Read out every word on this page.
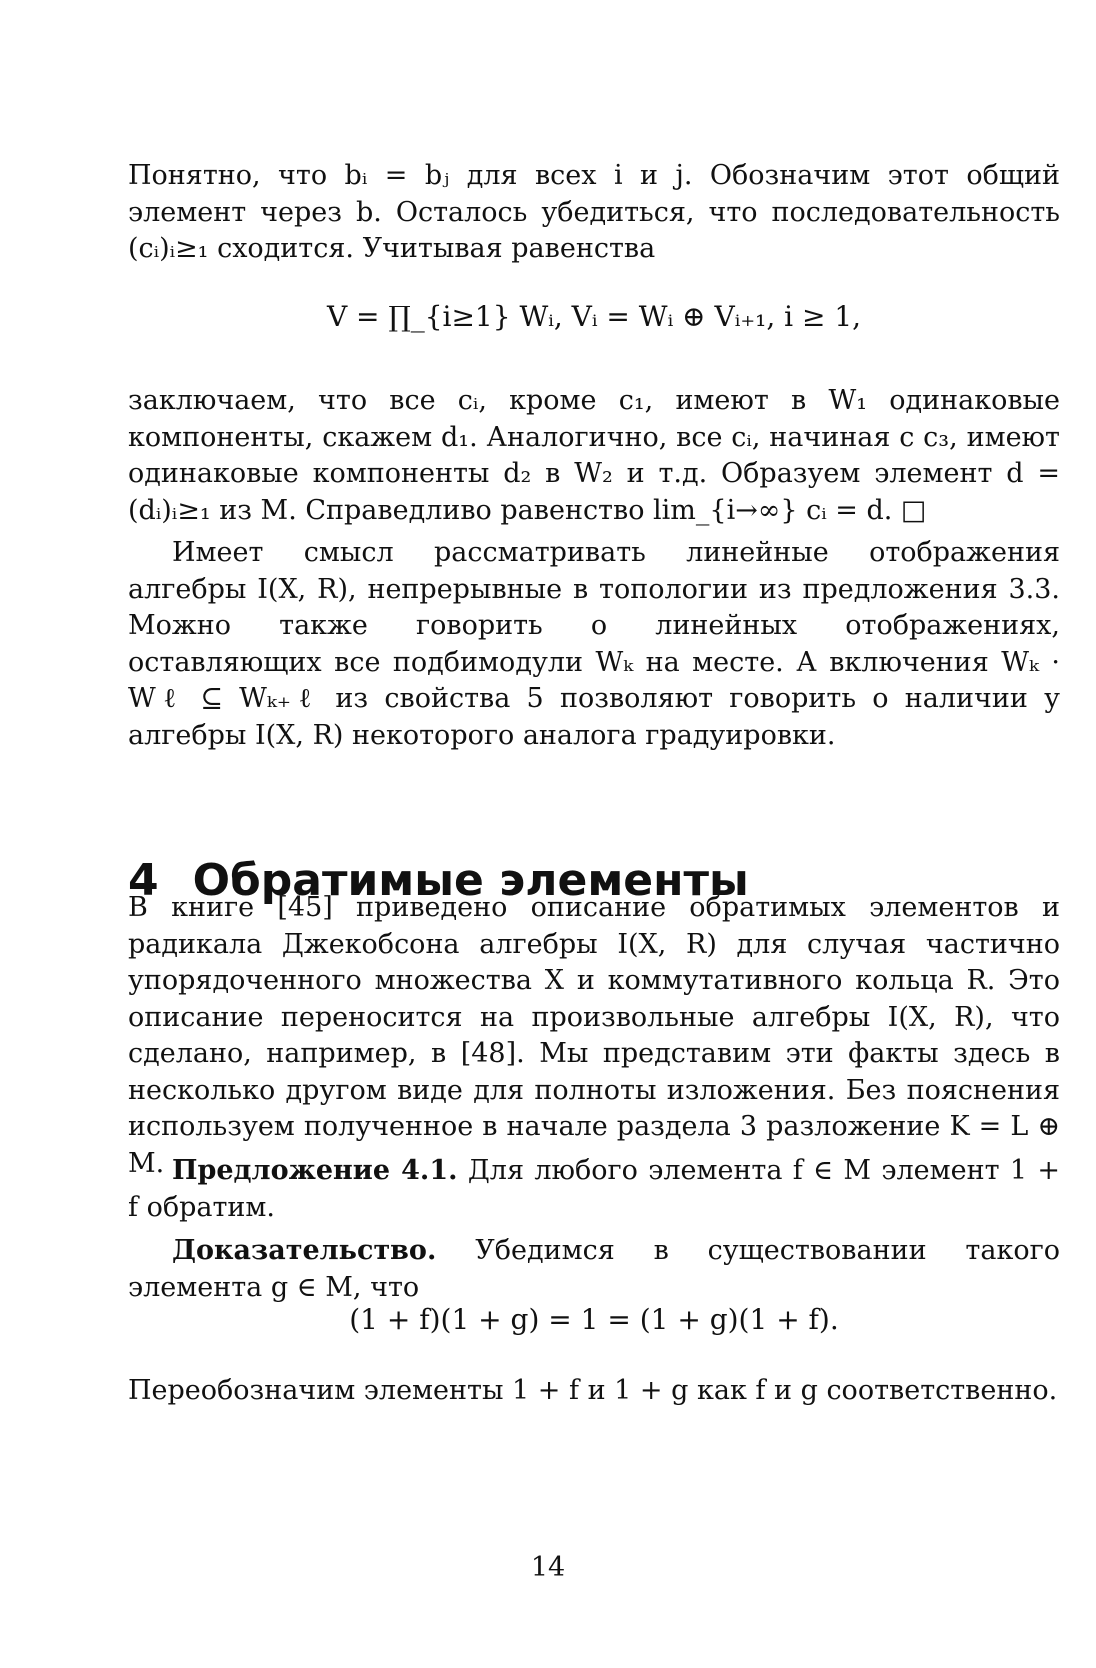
Понятно, что bᵢ = bⱼ для всех i и j. Обозначим этот общий элемент через b. Осталось убедиться, что последовательность (cᵢ)ᵢ≥₁ сходится. Учитывая равенства

V = ∏_{i≥1} Wᵢ, Vᵢ = Wᵢ ⊕ Vᵢ₊₁, i ≥ 1,

заключаем, что все cᵢ, кроме c₁, имеют в W₁ одинаковые компоненты, скажем d₁. Аналогично, все cᵢ, начиная с c₃, имеют одинаковые компоненты d₂ в W₂ и т.д. Образуем элемент d = (dᵢ)ᵢ≥₁ из M. Справедливо равенство lim_{i→∞} cᵢ = d. □

Имеет смысл рассматривать линейные отображения алгебры I(X, R), непрерывные в топологии из предложения 3.3. Можно также говорить о линейных отображениях, оставляющих все подбимодули Wₖ на месте. А включения Wₖ · Wℓ ⊆ Wₖ₊ℓ из свойства 5 позволяют говорить о наличии у алгебры I(X, R) некоторого аналога градуировки.

4 Обратимые элементы

В книге [45] приведено описание обратимых элементов и радикала Джекобсона алгебры I(X, R) для случая частично упорядоченного множества X и коммутативного кольца R. Это описание переносится на произвольные алгебры I(X, R), что сделано, например, в [48]. Мы представим эти факты здесь в несколько другом виде для полноты изложения. Без пояснения используем полученное в начале раздела 3 разложение K = L ⊕ M. Предложение 4.1. Для любого элемента f ∈ M элемент 1 + f обратим.

Доказательство. Убедимся в существовании такого элемента g ∈ M, что

(1 + f)(1 + g) = 1 = (1 + g)(1 + f).

Переобозначим элементы 1 + f и 1 + g как f и g соответственно.

14
